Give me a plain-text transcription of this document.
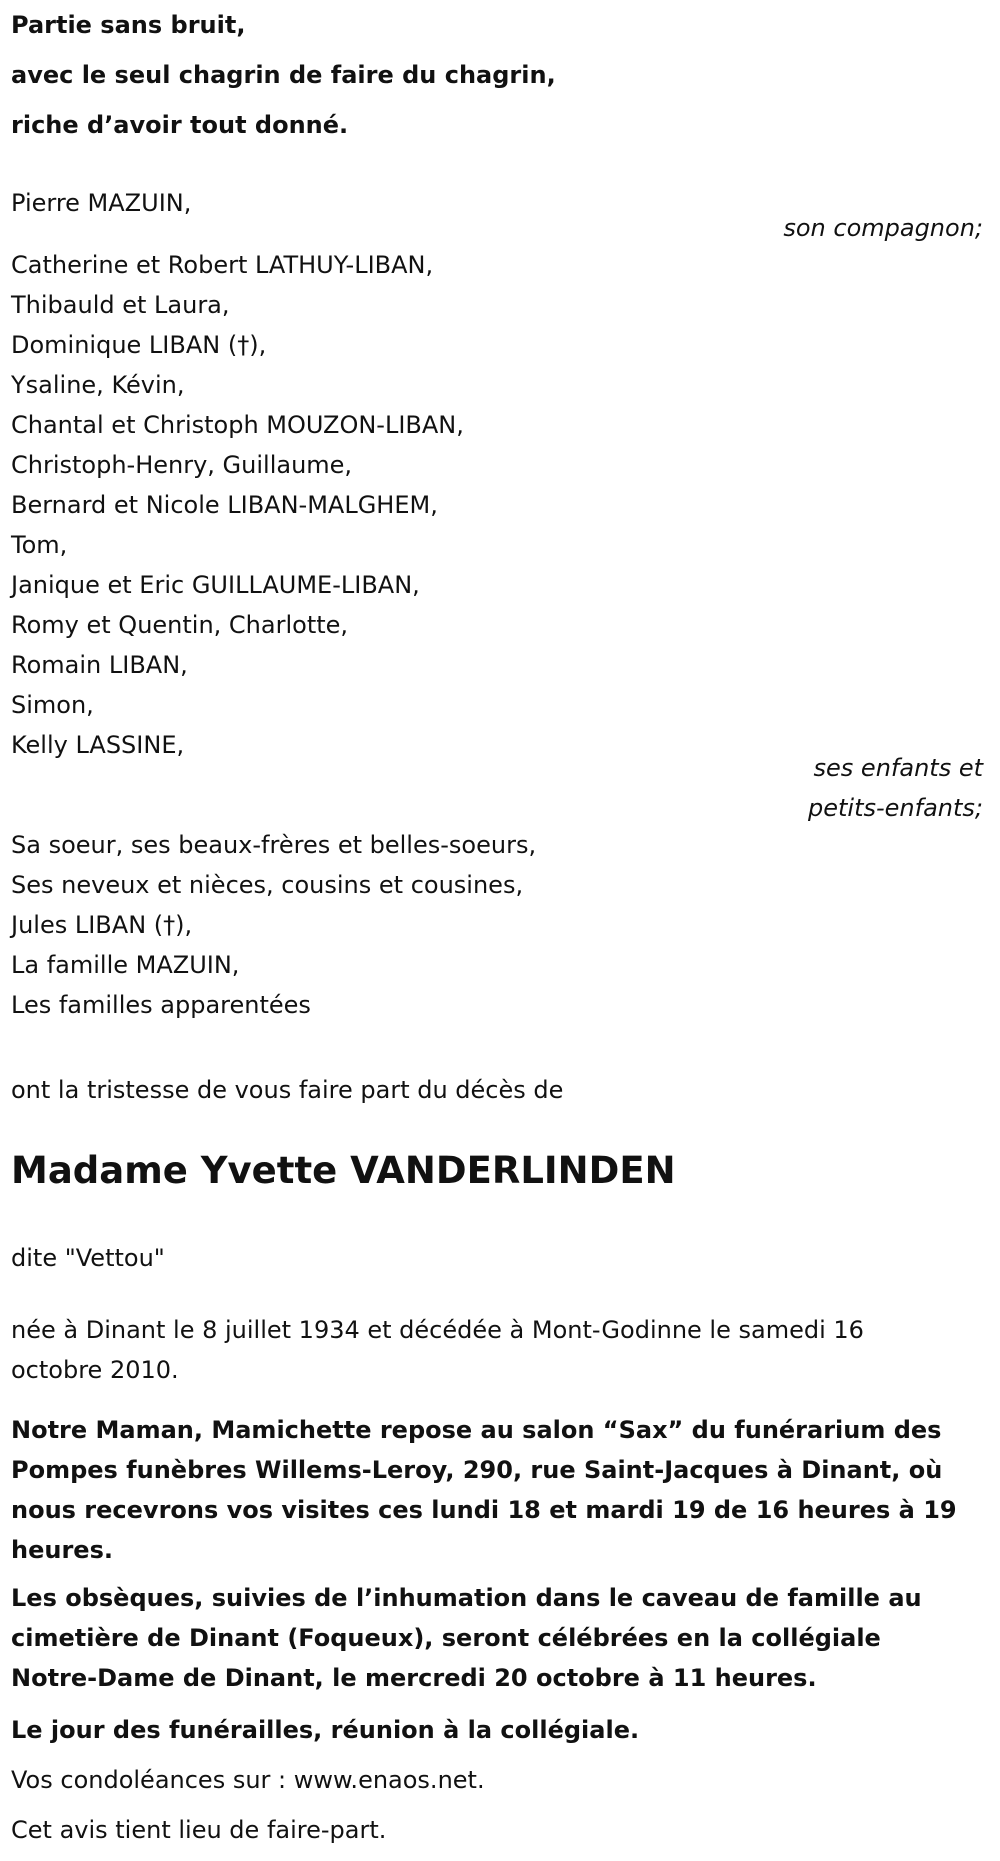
Partie sans bruit,
avec le seul chagrin de faire du chagrin,
riche d’avoir tout donné.
Pierre MAZUIN,
son compagnon;
Catherine et Robert LATHUY-LIBAN,
Thibauld et Laura,
Dominique LIBAN (†),
Ysaline, Kévin,
Chantal et Christoph MOUZON-LIBAN,
Christoph-Henry, Guillaume,
Bernard et Nicole LIBAN-MALGHEM,
Tom,
Janique et Eric GUILLAUME-LIBAN,
Romy et Quentin, Charlotte,
Romain LIBAN,
Simon,
Kelly LASSINE,
ses enfants et
petits-enfants;
Sa soeur, ses beaux-frères et belles-soeurs,
Ses neveux et nièces, cousins et cousines,
Jules LIBAN (†),
La famille MAZUIN,
Les familles apparentées
ont la tristesse de vous faire part du décès de
Madame Yvette VANDERLINDEN
dite "Vettou"
née à Dinant le 8 juillet 1934 et décédée à Mont-Godinne le samedi 16
octobre 2010.
Notre Maman, Mamichette repose au salon “Sax” du funérarium des
Pompes funèbres Willems-Leroy, 290, rue Saint-Jacques à Dinant, où
nous recevrons vos visites ces lundi 18 et mardi 19 de 16 heures à 19
heures.
Les obsèques, suivies de l’inhumation dans le caveau de famille au
cimetière de Dinant (Foqueux), seront célébrées en la collégiale
Notre-Dame de Dinant, le mercredi 20 octobre à 11 heures.
Le jour des funérailles, réunion à la collégiale.
Vos condoléances sur : www.enaos.net.
Cet avis tient lieu de faire-part.
